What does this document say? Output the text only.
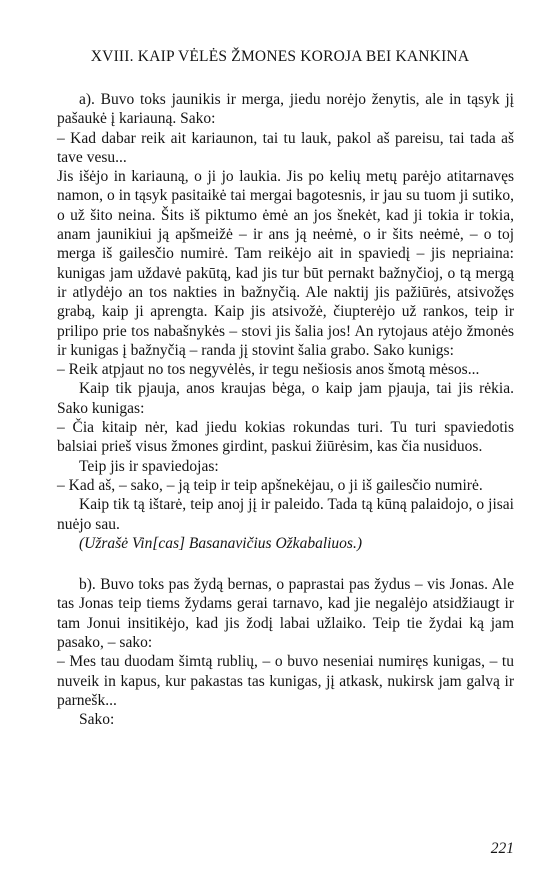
XVIII. KAIP VĖLĖS ŽMONES KOROJA BEI KANKINA

a). Buvo toks jaunikis ir merga, jiedu norėjo ženytis, ale in tąsyk jį pašaukė į kariauną. Sako:

– Kad dabar reik ait kariaunon, tai tu lauk, pakol aš pareisu, tai tada aš tave vesu...

Jis išėjo in kariauną, o ji jo laukia. Jis po kelių metų parėjo atitarnavęs namon, o in tąsyk pasitaikė tai mergai bagotesnis, ir jau su tuom ji sutiko, o už šito neina. Šits iš piktumo ėmė an jos šnekėt, kad ji tokia ir tokia, anam jaunikiui ją apšmeižė – ir ans ją neėmė, o ir šits neėmė, – o toj merga iš gailesčio numirė. Tam reikėjo ait in spaviedį – jis nepriaina: kunigas jam uždavė pakūtą, kad jis tur būt pernakt bažnyčioj, o tą mergą ir atlydėjo an tos nakties in bažnyčią. Ale naktij jis pažiūrės, atsivožęs grabą, kaip ji aprengta. Kaip jis atsivožė, čiupterėjo už rankos, teip ir prilipo prie tos nabašnykės – stovi jis šalia jos! An rytojaus atėjo žmonės ir kunigas į bažnyčią – randa jį stovint šalia grabo. Sako kunigs:

– Reik atpjaut no tos negyvėlės, ir tegu nešiosis anos šmotą mėsos...

Kaip tik pjauja, anos kraujas bėga, o kaip jam pjauja, tai jis rėkia. Sako kunigas:

– Čia kitaip nėr, kad jiedu kokias rokundas turi. Tu turi spaviedotis balsiai prieš visus žmones girdint, paskui žiūrėsim, kas čia nusiduos.

Teip jis ir spaviedojas:

– Kad aš, – sako, – ją teip ir teip apšnekėjau, o ji iš gailesčio numirė.

Kaip tik tą ištarė, teip anoj jį ir paleido. Tada tą kūną palaidojo, o jisai nuėjo sau.

(Užrašė Vin[cas] Basanavičius Ožkabaliuos.)

b). Buvo toks pas žydą bernas, o paprastai pas žydus – vis Jonas. Ale tas Jonas teip tiems žydams gerai tarnavo, kad jie negalėjo atsidžiaugt ir tam Jonui insitikėjo, kad jis žodį labai užlaiko. Teip tie žydai ką jam pasako, – sako:

– Mes tau duodam šimtą rublių, – o buvo neseniai numiręs kunigas, – tu nuveik in kapus, kur pakastas tas kunigas, jį atkask, nukirsk jam galvą ir parnešk...

Sako:

221
